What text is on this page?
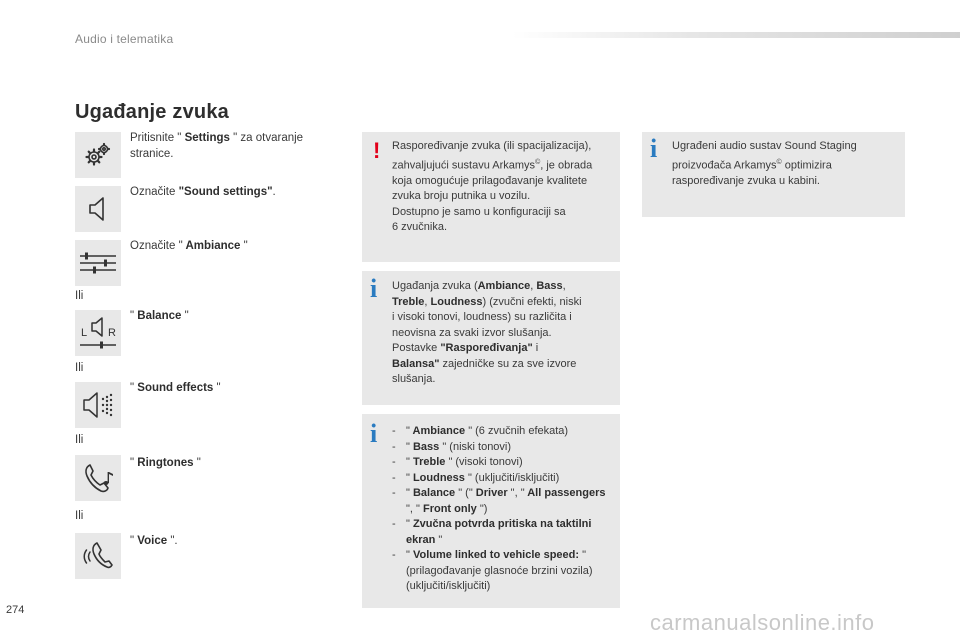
Audio i telematika
Ugađanje zvuka
Pritisnite " Settings " za otvaranje stranice.
Označite "Sound settings".
Označite " Ambiance "
Ili
L R
" Balance "
Ili
" Sound effects "
Ili
" Ringtones "
Ili
" Voice ".
! Raspoređivanje zvuka (ili spacijalizacija),
zahvaljujući sustavu Arkamys©, je obrada
koja omogućuje prilagođavanje kvalitete
zvuka broju putnika u vozilu.
Dostupno je samo u konfiguraciji sa
6 zvučnika.
i Ugrađeni audio sustav Sound Staging
proizvođača Arkamys© optimizira
raspoređivanje zvuka u kabini.
i Ugađanja zvuka (Ambiance, Bass,
Treble, Loudness) (zvučni efekti, niski
i visoki tonovi, loudness) su različita i
neovisna za svaki izvor slušanja.
Postavke "Raspoređivanja" i
Balansa" zajedničke su za sve izvore
slušanja.
i - " Ambiance " (6 zvučnih efekata)
- " Bass " (niski tonovi)
- " Treble " (visoki tonovi)
- " Loudness " (uključiti/isključiti)
- " Balance " (" Driver ", " All passengers ", " Front only ")
- " Zvučna potvrda pritiska na taktilni ekran "
- " Volume linked to vehicle speed: " (prilagođavanje glasnoće brzini vozila) (uključiti/isključiti)
274	carmanualsonline.info
